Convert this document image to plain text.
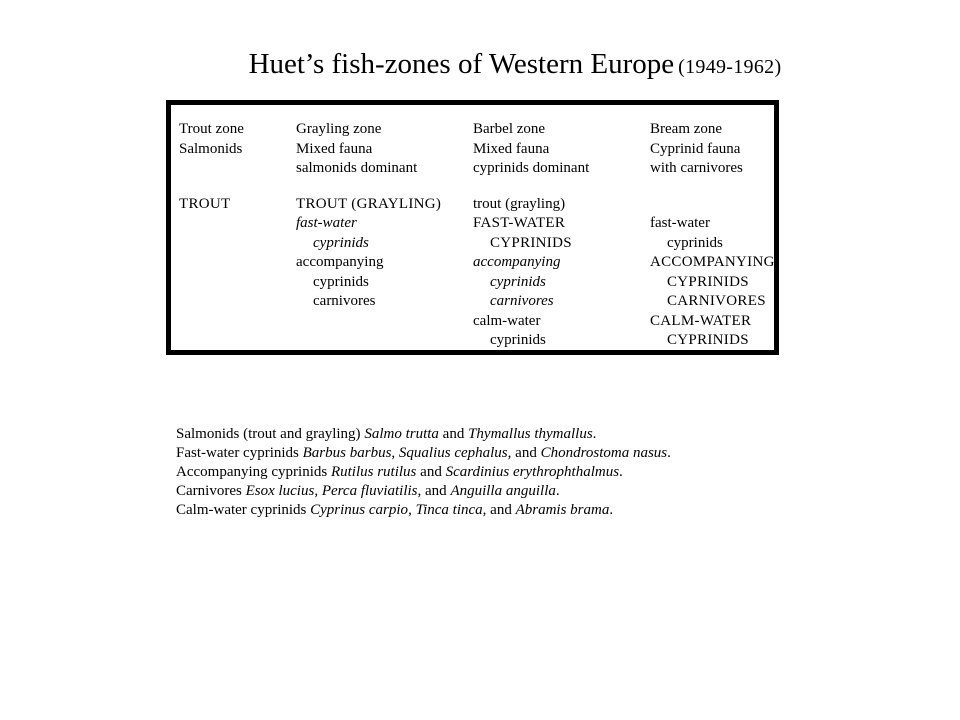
Huet’s fish-zones of Western Europe (1949-1962)
Trout zone
Salmonids
TROUT
Grayling zone
Mixed fauna
salmonids dominant
TROUT (GRAYLING)
fast-water
cyprinids
accompanying
cyprinids
carnivores
Barbel zone
Mixed fauna
cyprinids dominant
trout (grayling)
FAST-WATER
CYPRINIDS
accompanying
cyprinids
carnivores
calm-water
cyprinids
Bream zone
Cyprinid fauna
with carnivores
fast-water
cyprinids
ACCOMPANYING
CYPRINIDS
CARNIVORES
CALM-WATER
CYPRINIDS
Salmonids (trout and grayling) Salmo trutta and Thymallus thymallus.
Fast-water cyprinids Barbus barbus, Squalius cephalus, and Chondrostoma nasus.
Accompanying cyprinids Rutilus rutilus and Scardinius erythrophthalmus.
Carnivores Esox lucius, Perca fluviatilis, and Anguilla anguilla.
Calm-water cyprinids Cyprinus carpio, Tinca tinca, and Abramis brama.
